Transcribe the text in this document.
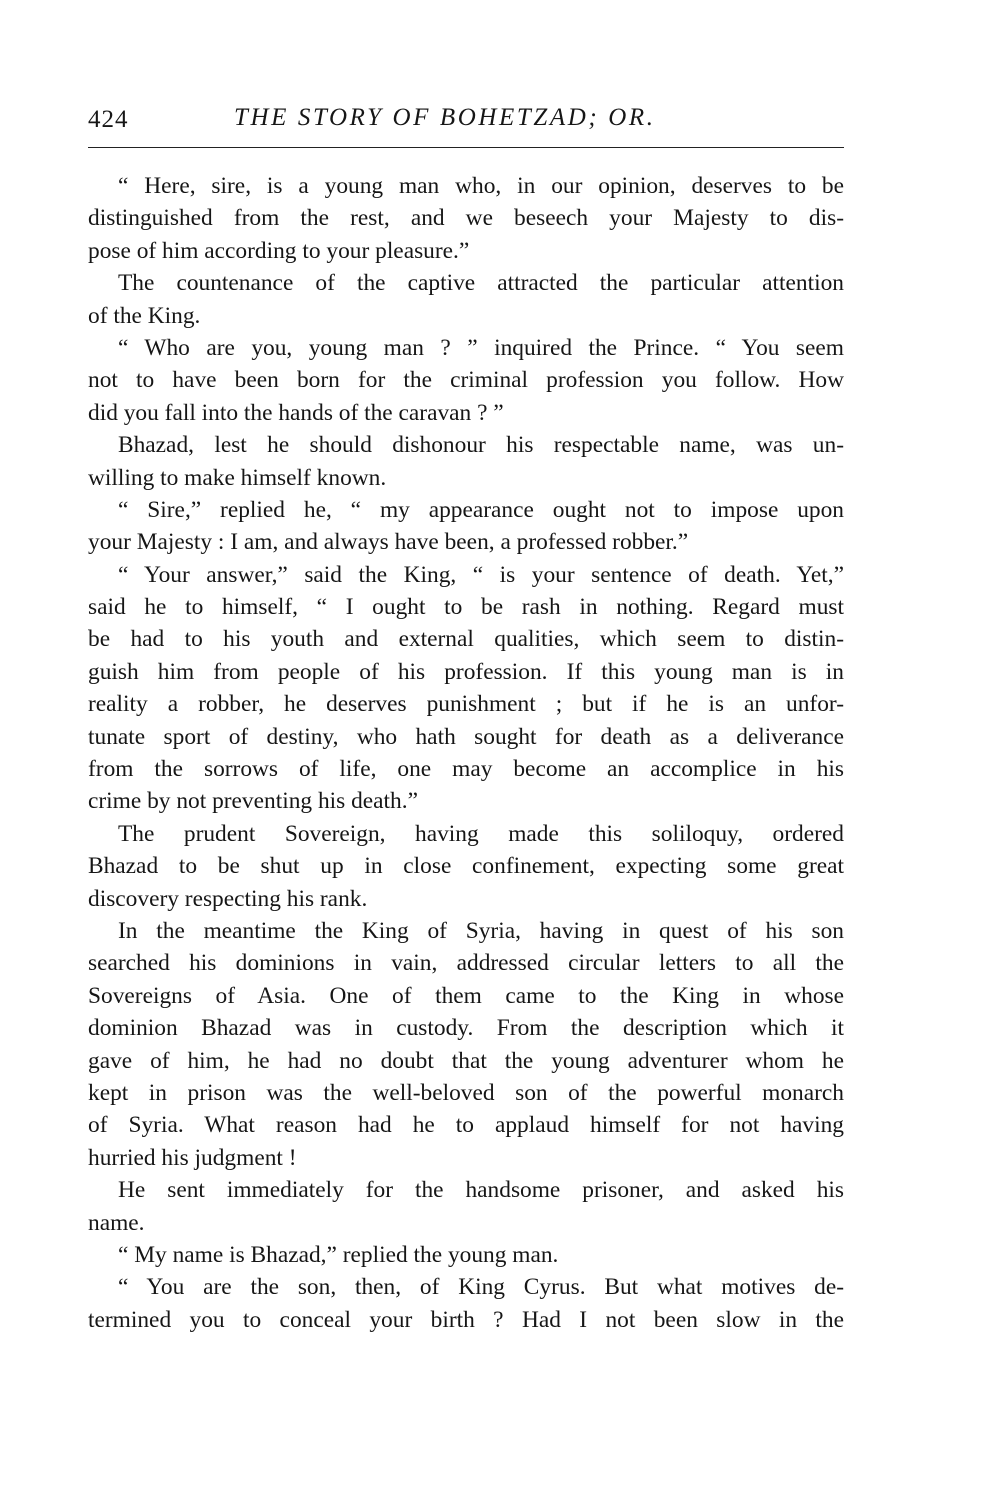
424	THE STORY OF BOHETZAD; OR.
“ Here, sire, is a young man who, in our opinion, deserves to be
distinguished from the rest, and we beseech your Majesty to dis-
pose of him according to your pleasure.”
The countenance of the captive attracted the particular attention
of the King.
“ Who are you, young man ? ” inquired the Prince. “ You seem
not to have been born for the criminal profession you follow. How
did you fall into the hands of the caravan ? ”
Bhazad, lest he should dishonour his respectable name, was un-
willing to make himself known.
“ Sire,” replied he, “ my appearance ought not to impose upon
your Majesty : I am, and always have been, a professed robber.”
“ Your answer,” said the King, “ is your sentence of death. Yet,”
said he to himself, “ I ought to be rash in nothing. Regard must
be had to his youth and external qualities, which seem to distin-
guish him from people of his profession. If this young man is in
reality a robber, he deserves punishment ; but if he is an unfor-
tunate sport of destiny, who hath sought for death as a deliverance
from the sorrows of life, one may become an accomplice in his
crime by not preventing his death.”
The prudent Sovereign, having made this soliloquy, ordered
Bhazad to be shut up in close confinement, expecting some great
discovery respecting his rank.
In the meantime the King of Syria, having in quest of his son
searched his dominions in vain, addressed circular letters to all the
Sovereigns of Asia. One of them came to the King in whose
dominion Bhazad was in custody. From the description which it
gave of him, he had no doubt that the young adventurer whom he
kept in prison was the well-beloved son of the powerful monarch
of Syria. What reason had he to applaud himself for not having
hurried his judgment !
He sent immediately for the handsome prisoner, and asked his
name.
“ My name is Bhazad,” replied the young man.
“ You are the son, then, of King Cyrus. But what motives de-
termined you to conceal your birth ? Had I not been slow in the
